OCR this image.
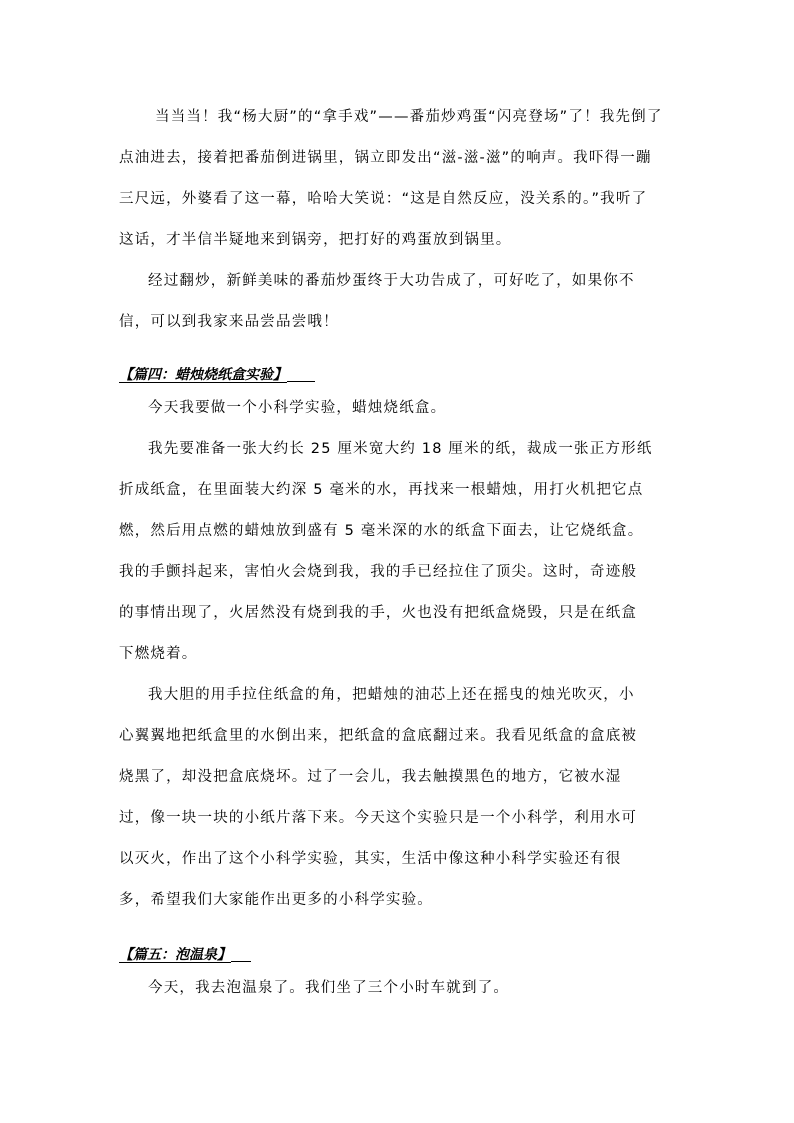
当当当！我“杨大厨”的“拿手戏”——番茄炒鸡蛋“闪亮登场”了！我先倒了
点油进去，接着把番茄倒进锅里，锅立即发出“滋-滋-滋”的响声。我吓得一蹦
三尺远，外婆看了这一幕，哈哈大笑说：“这是自然反应，没关系的。”我听了
这话，才半信半疑地来到锅旁，把打好的鸡蛋放到锅里。
经过翻炒，新鲜美味的番茄炒蛋终于大功告成了，可好吃了，如果你不
信，可以到我家来品尝品尝哦！
【篇四：蜡烛烧纸盒实验】
今天我要做一个小科学实验，蜡烛烧纸盒。
我先要准备一张大约长 25 厘米宽大约 18 厘米的纸，裁成一张正方形纸
折成纸盒，在里面装大约深 5 毫米的水，再找来一根蜡烛，用打火机把它点
燃，然后用点燃的蜡烛放到盛有 5 毫米深的水的纸盒下面去，让它烧纸盒。
我的手颤抖起来，害怕火会烧到我，我的手已经拉住了顶尖。这时，奇迹般
的事情出现了，火居然没有烧到我的手，火也没有把纸盒烧毁，只是在纸盒
下燃烧着。
我大胆的用手拉住纸盒的角，把蜡烛的油芯上还在摇曳的烛光吹灭，小
心翼翼地把纸盒里的水倒出来，把纸盒的盒底翻过来。我看见纸盒的盒底被
烧黑了，却没把盒底烧坏。过了一会儿，我去触摸黑色的地方，它被水湿
过，像一块一块的小纸片落下来。今天这个实验只是一个小科学，利用水可
以灭火，作出了这个小科学实验，其实，生活中像这种小科学实验还有很
多，希望我们大家能作出更多的小科学实验。
【篇五：泡温泉】
今天，我去泡温泉了。我们坐了三个小时车就到了。
